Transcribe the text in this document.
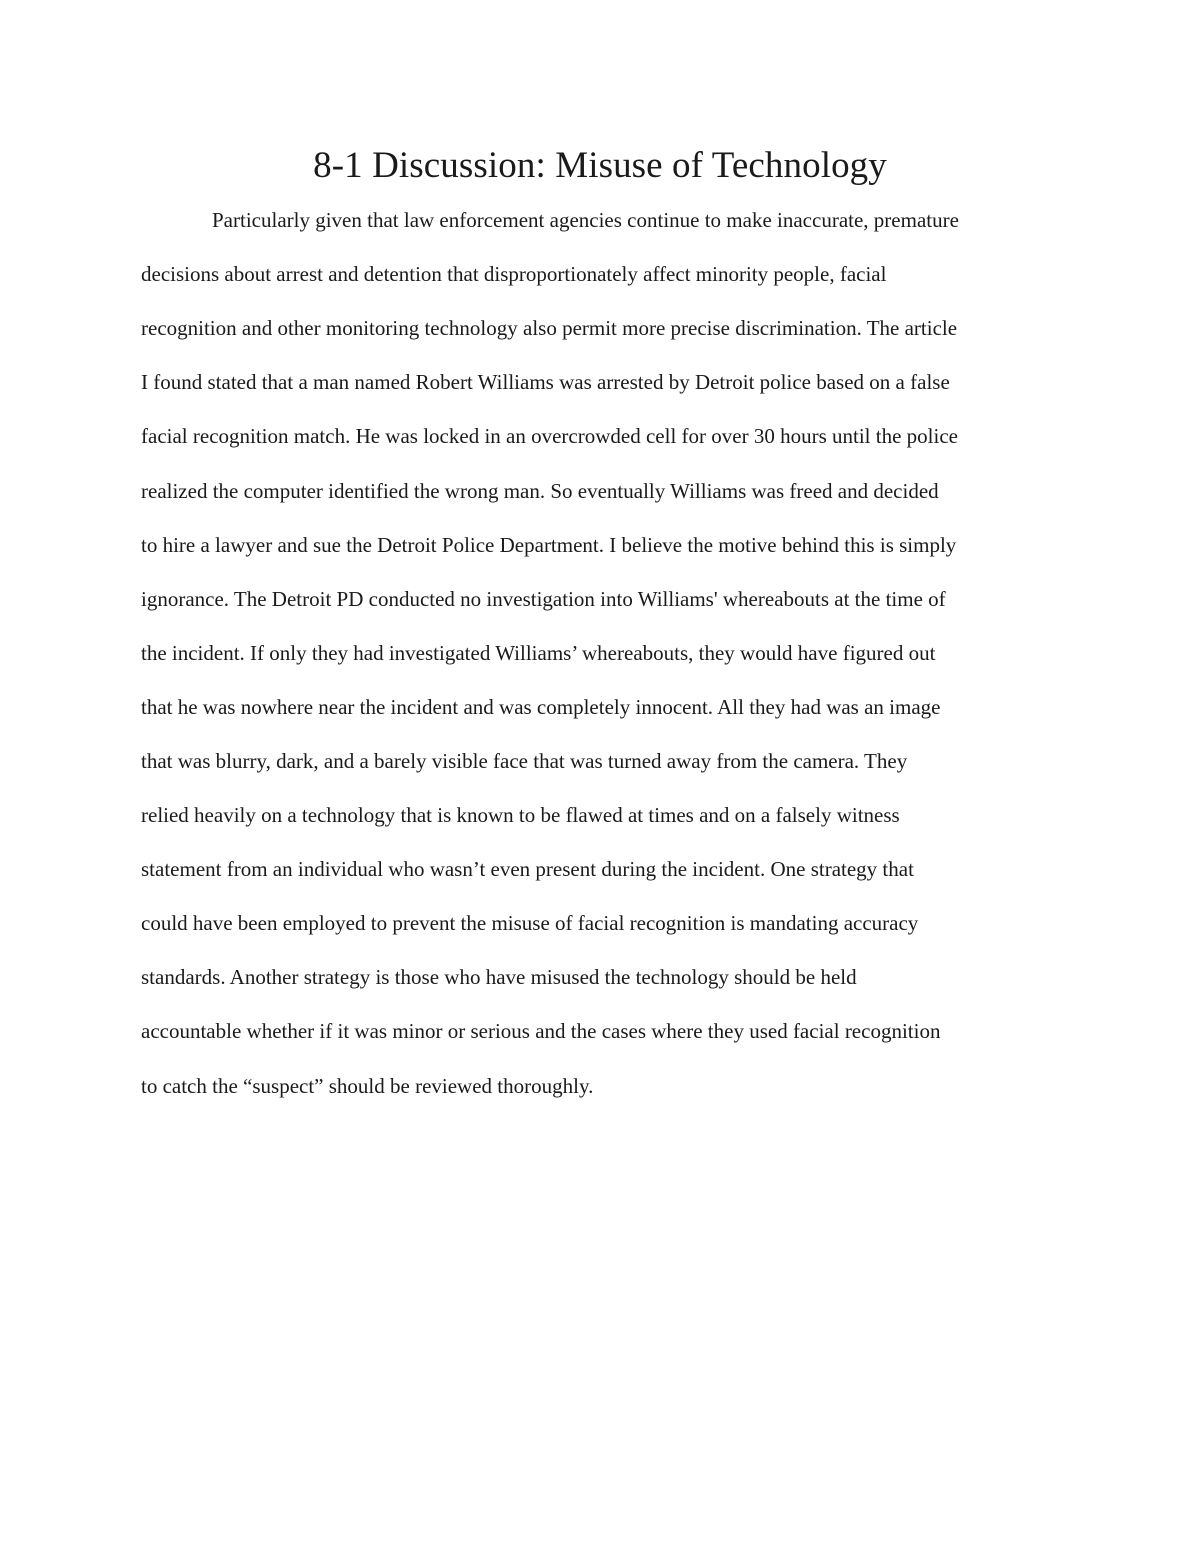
8-1 Discussion: Misuse of Technology

Particularly given that law enforcement agencies continue to make inaccurate, premature

decisions about arrest and detention that disproportionately affect minority people, facial

recognition and other monitoring technology also permit more precise discrimination. The article

I found stated that a man named Robert Williams was arrested by Detroit police based on a false

facial recognition match. He was locked in an overcrowded cell for over 30 hours until the police

realized the computer identified the wrong man. So eventually Williams was freed and decided

to hire a lawyer and sue the Detroit Police Department. I believe the motive behind this is simply

ignorance. The Detroit PD conducted no investigation into Williams' whereabouts at the time of

the incident. If only they had investigated Williams’ whereabouts, they would have figured out

that he was nowhere near the incident and was completely innocent. All they had was an image

that was blurry, dark, and a barely visible face that was turned away from the camera. They

relied heavily on a technology that is known to be flawed at times and on a falsely witness

statement from an individual who wasn’t even present during the incident. One strategy that

could have been employed to prevent the misuse of facial recognition is mandating accuracy

standards. Another strategy is those who have misused the technology should be held

accountable whether if it was minor or serious and the cases where they used facial recognition

to catch the “suspect” should be reviewed thoroughly.
